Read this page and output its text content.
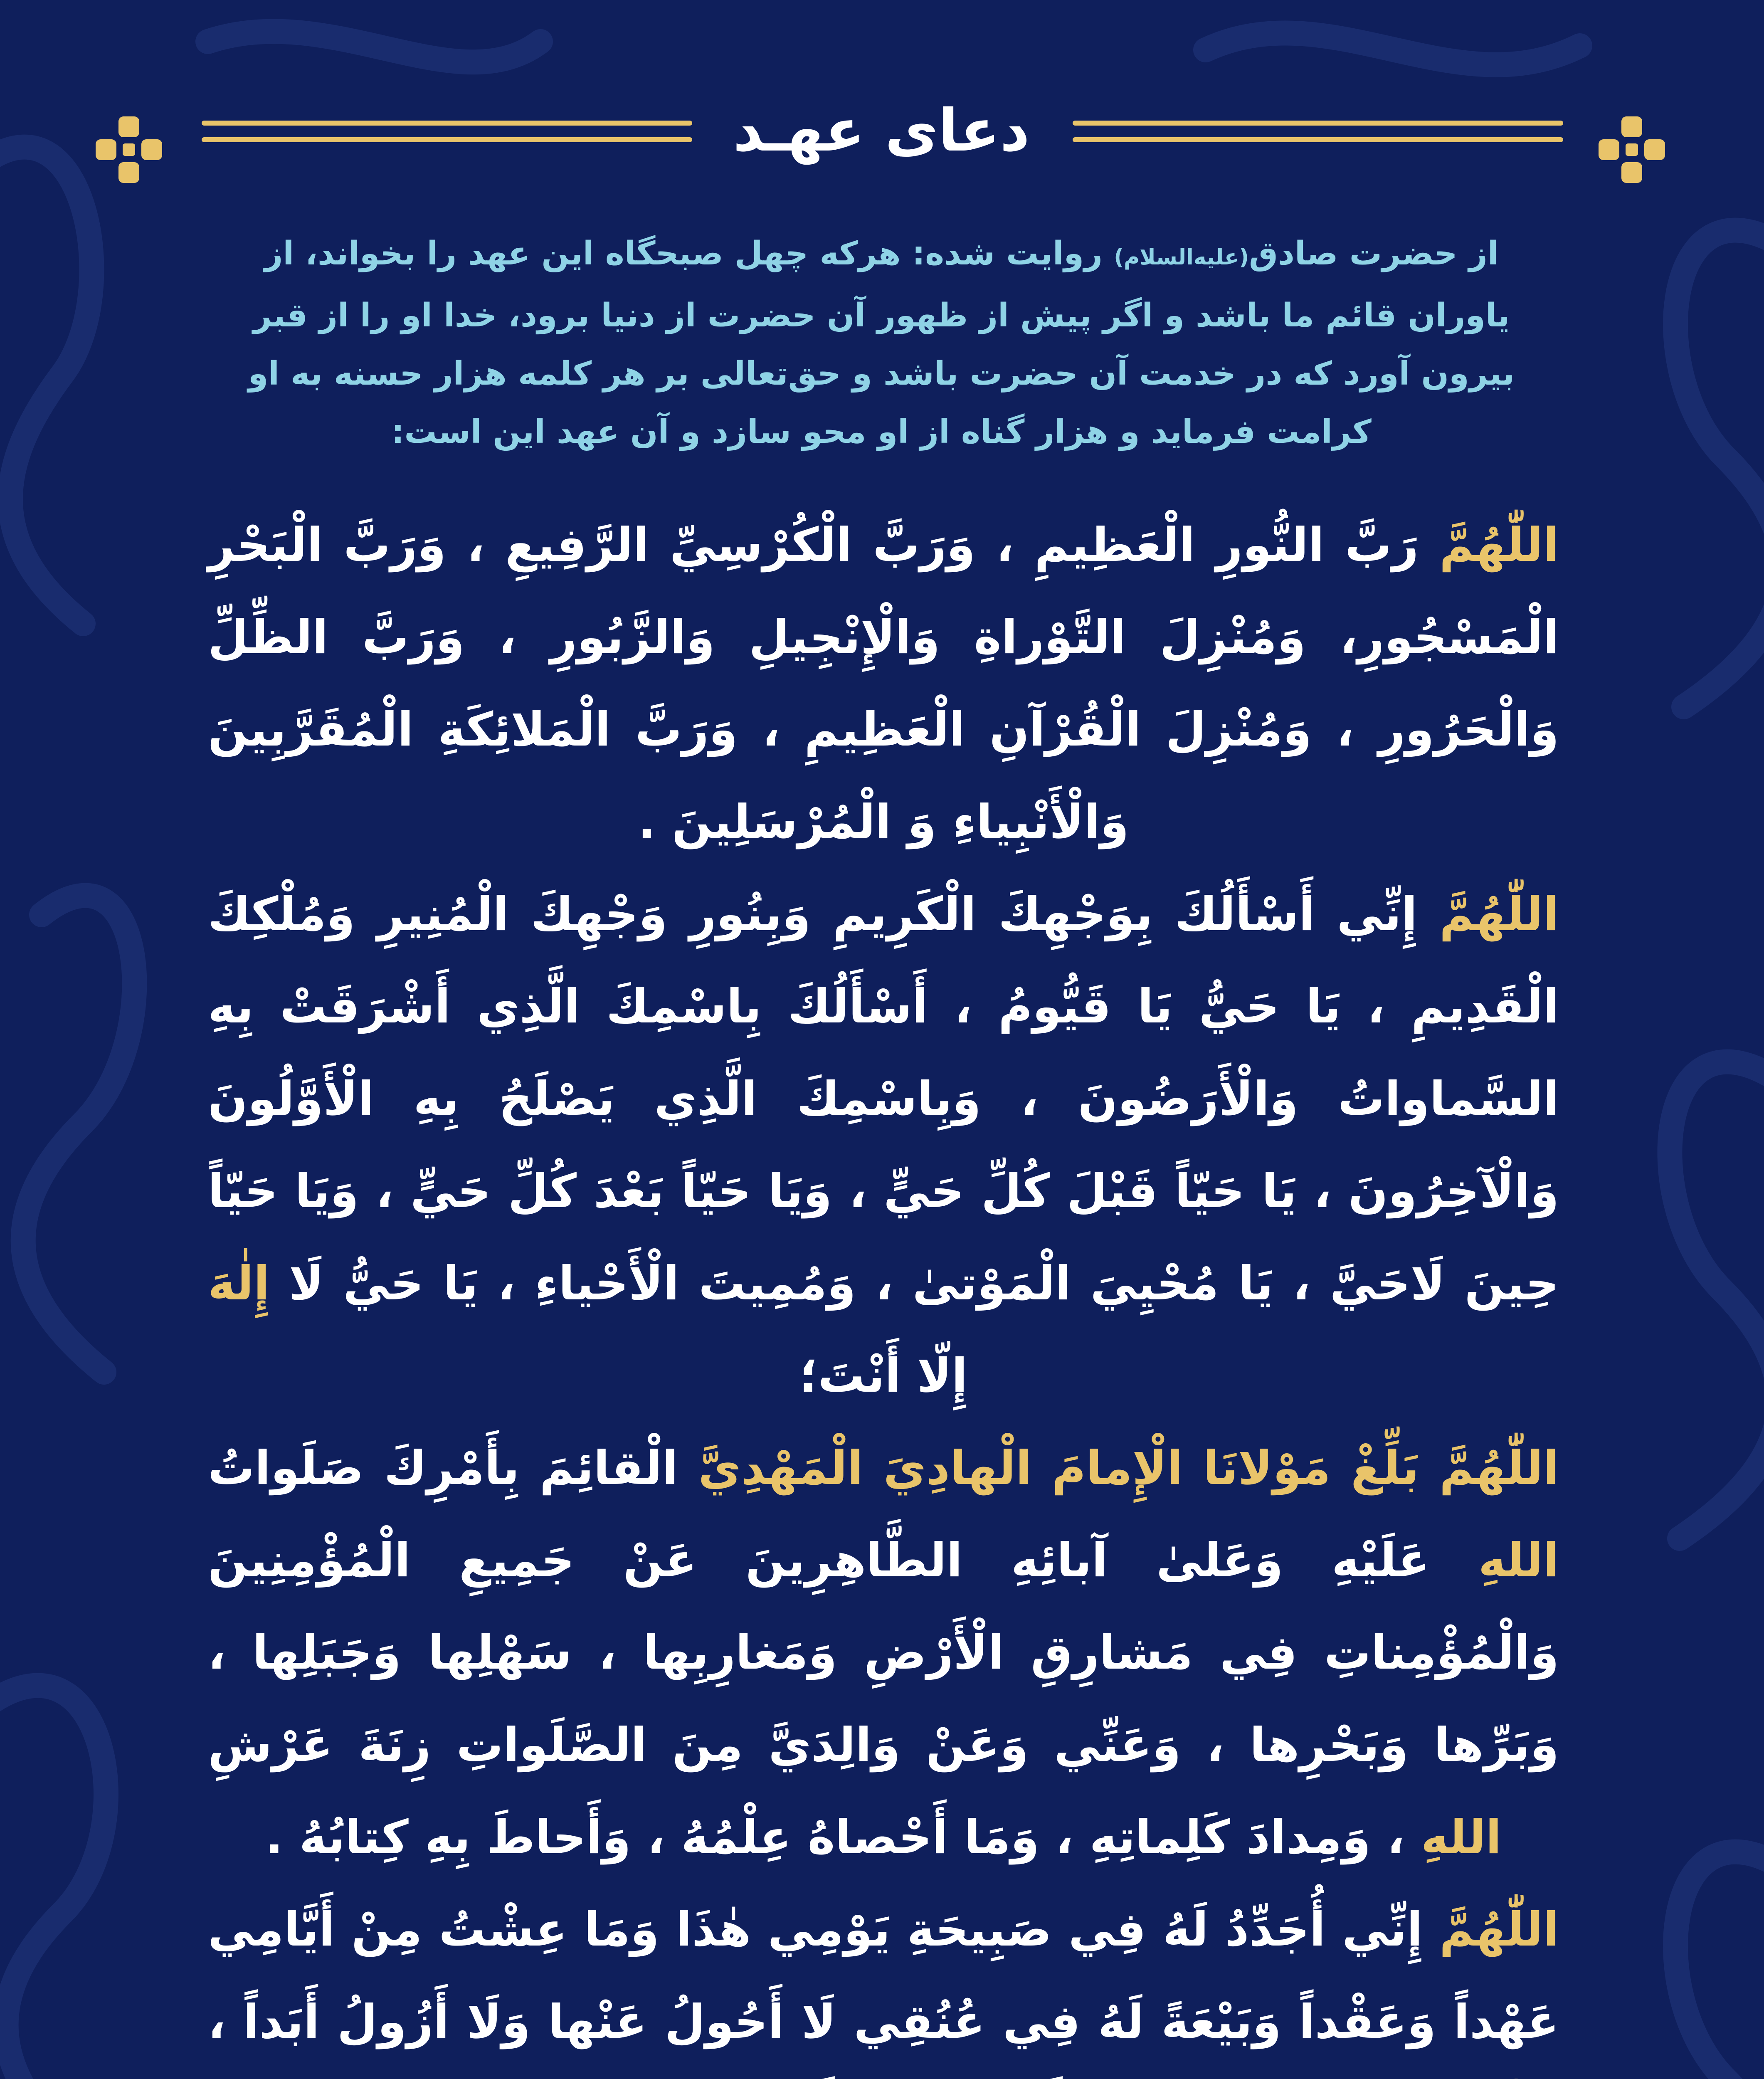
دعای عهـد
از حضرت صادق(علیه‌السلام) روایت شده: هرکه چهل صبحگاه این عهد را بخواند، از یاوران قائم ما باشد و اگر پیش از ظهور آن حضرت از دنیا برود، خدا او را از قبر بیرون آورد که در خدمت آن حضرت باشد و حق‌تعالی بر هر کلمه هزار حسنه به او کرامت فرماید و هزار گناه از او محو سازد و آن عهد این است:

اللّٰهُمَّ رَبَّ النُّورِ الْعَظِيمِ ، وَرَبَّ الْكُرْسِيِّ الرَّفِيعِ ، وَرَبَّ الْبَحْرِ الْمَسْجُورِ، وَمُنْزِلَ التَّوْراةِ وَالْإِنْجِيلِ وَالزَّبُورِ ، وَرَبَّ الظِّلِّ وَالْحَرُورِ ، وَمُنْزِلَ الْقُرْآنِ الْعَظِيمِ ، وَرَبَّ الْمَلائِكَةِ الْمُقَرَّبِينَ وَالْأَنْبِياءِ وَ الْمُرْسَلِينَ .

اللّٰهُمَّ إِنِّي أَسْأَلُكَ بِوَجْهِكَ الْكَرِيمِ وَبِنُورِ وَجْهِكَ الْمُنِيرِ وَمُلْكِكَ الْقَدِيمِ ، يَا حَيُّ يَا قَيُّومُ ، أَسْأَلُكَ بِاسْمِكَ الَّذِي أَشْرَقَتْ بِهِ السَّماواتُ وَالْأَرَضُونَ ، وَبِاسْمِكَ الَّذِي يَصْلَحُ بِهِ الْأَوَّلُونَ وَالْآخِرُونَ ، يَا حَيّاً قَبْلَ كُلِّ حَيٍّ ، وَيَا حَيّاً بَعْدَ كُلِّ حَيٍّ ، وَيَا حَيّاً حِينَ لَاحَيَّ ، يَا مُحْيِيَ الْمَوْتىٰ ، وَمُمِيتَ الْأَحْياءِ ، يَا حَيُّ لَا إِلٰهَ إِلّا أَنْتَ؛

اللّٰهُمَّ بَلِّغْ مَوْلانَا الْإِمامَ الْهادِيَ الْمَهْدِيَّ الْقائِمَ بِأَمْرِكَ صَلَواتُ اللهِ عَلَيْهِ وَعَلىٰ آبائِهِ الطَّاهِرِينَ عَنْ جَمِيعِ الْمُؤْمِنِينَ وَالْمُؤْمِناتِ فِي مَشارِقِ الْأَرْضِ وَمَغارِبِها ، سَهْلِها وَجَبَلِها ، وَبَرِّها وَبَحْرِها ، وَعَنِّي وَعَنْ وَالِدَيَّ مِنَ الصَّلَواتِ زِنَةَ عَرْشِ اللهِ ، وَمِدادَ كَلِماتِهِ ، وَمَا أَحْصاهُ عِلْمُهُ ، وَأَحاطَ بِهِ كِتابُهُ .

اللّٰهُمَّ إِنِّي أُجَدِّدُ لَهُ فِي صَبِيحَةِ يَوْمِي هٰذَا وَمَا عِشْتُ مِنْ أَيَّامِي عَهْداً وَعَقْداً وَبَيْعَةً لَهُ فِي عُنُقِي لَا أَحُولُ عَنْها وَلَا أَزُولُ أَبَداً ،
